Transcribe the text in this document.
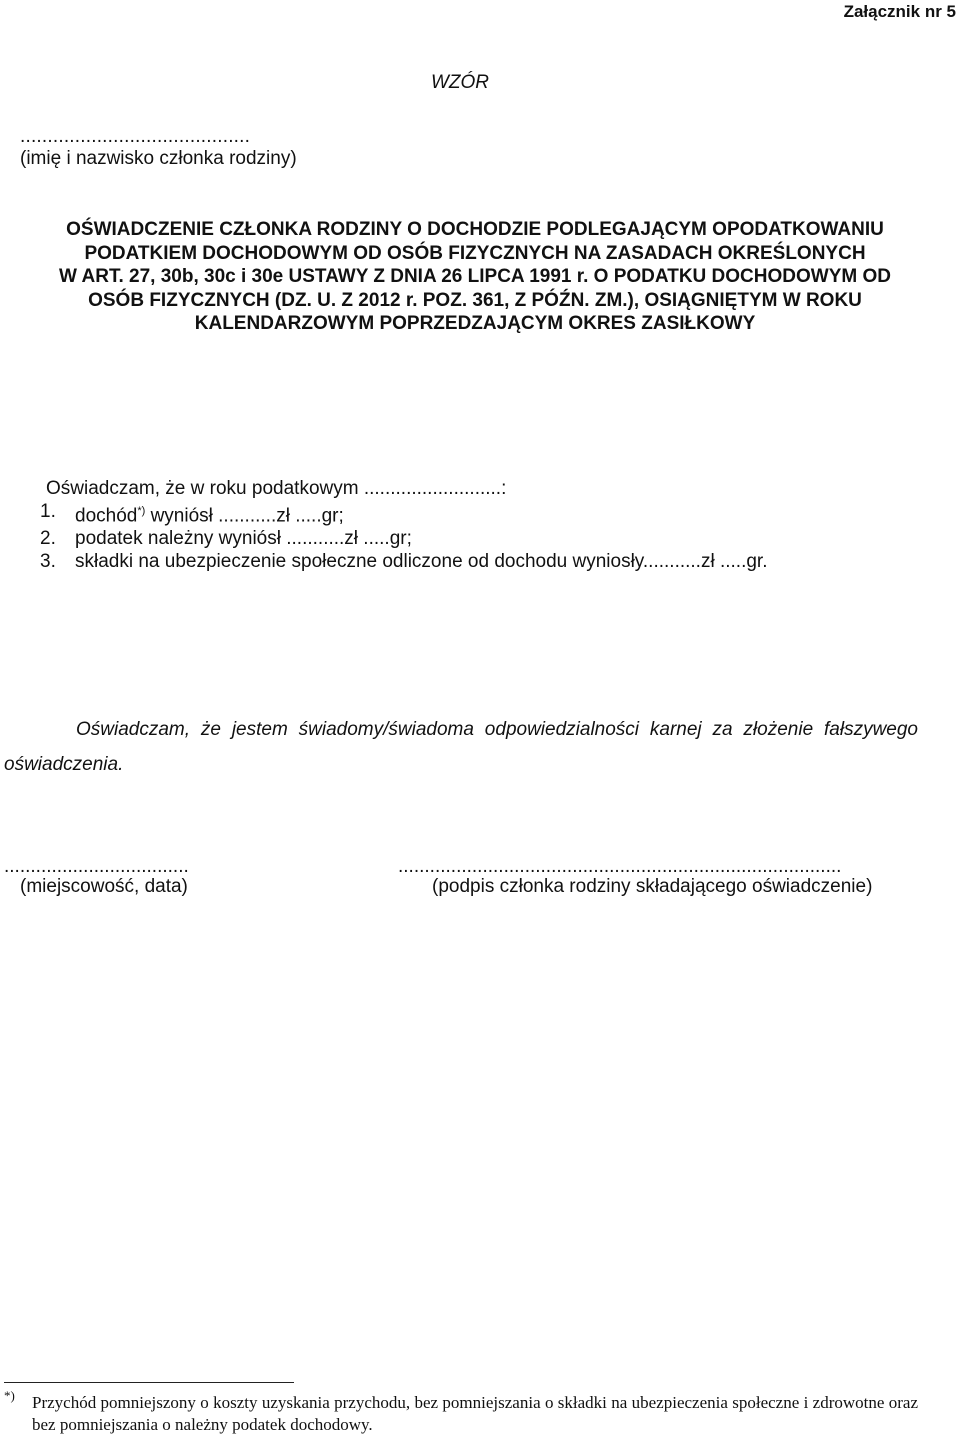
Załącznik nr 5
WZÓR
..........................................
(imię i nazwisko członka rodziny)
OŚWIADCZENIE CZŁONKA RODZINY O DOCHODZIE PODLEGAJĄCYM OPODATKOWANIU
PODATKIEM DOCHODOWYM OD OSÓB FIZYCZNYCH NA ZASADACH OKREŚLONYCH
W ART. 27, 30b, 30c i 30e USTAWY Z DNIA 26 LIPCA 1991 r. O PODATKU DOCHODOWYM OD
OSÓB FIZYCZNYCH (DZ. U. Z 2012 r. POZ. 361, Z PÓŹN. ZM.), OSIĄGNIĘTYM W ROKU
KALENDARZOWYM POPRZEDZAJĄCYM OKRES ZASIŁKOWY
Oświadczam, że w roku podatkowym ..........................:
1.	dochód*) wyniósł ...........zł .....gr;
2.	podatek należny wyniósł ...........zł .....gr;
3.	składki na ubezpieczenie społeczne odliczone od dochodu wyniosły...........zł .....gr.
Oświadczam, że jestem świadomy/świadoma odpowiedzialności karnej za złożenie fałszywego oświadczenia.
...................................	....................................................................................
(miejscowość, data)	(podpis członka rodziny składającego oświadczenie)
*) Przychód pomniejszony o koszty uzyskania przychodu, bez pomniejszania o składki na ubezpieczenia społeczne i zdrowotne oraz bez pomniejszania o należny podatek dochodowy.
